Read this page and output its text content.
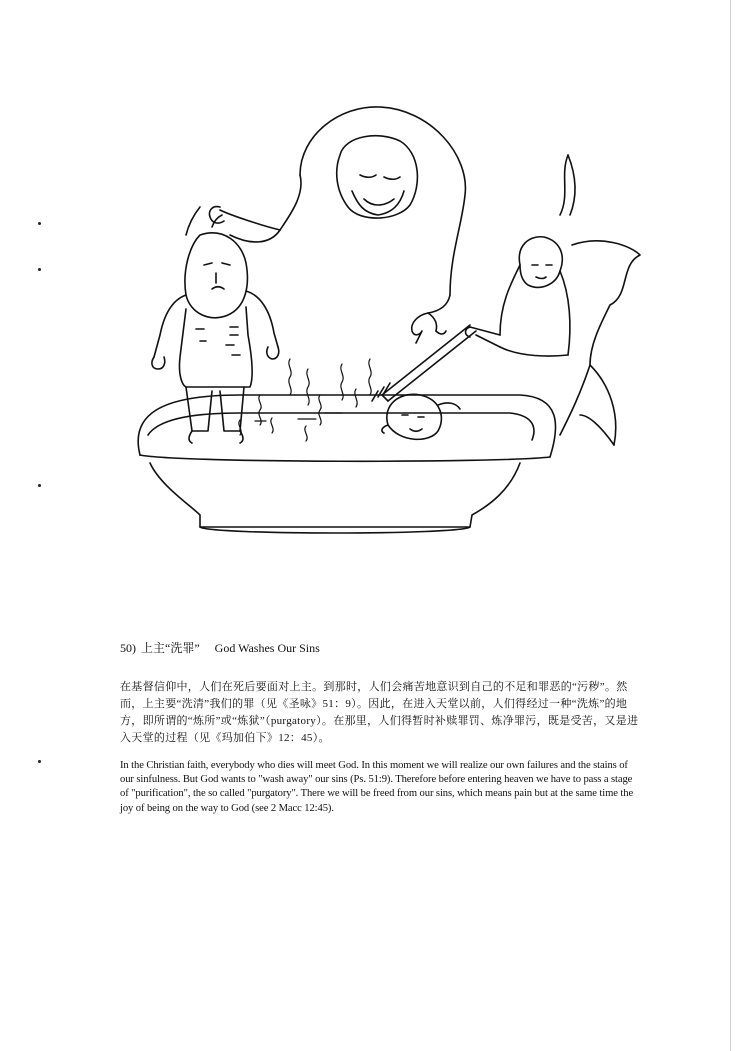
50) 上主“洗罪” God Washes Our Sins

在基督信仰中，人们在死后要面对上主。到那时，人们会痛苦地意识到自己的不足和罪恶的“污秽”。然而，上主要“洗清”我们的罪（见《圣咏》51：9）。因此，在进入天堂以前，人们得经过一种“洗炼”的地方，即所谓的“炼所”或“炼狱”（purgatory）。在那里，人们得暂时补赎罪罚、炼净罪污，既是受苦，又是进入天堂的过程（见《玛加伯下》12：45）。

In the Christian faith, everybody who dies will meet God. In this moment we will realize our own failures and the stains of our sinfulness. But God wants to "wash away" our sins (Ps. 51:9). Therefore before entering heaven we have to pass a stage of "purification", the so called "purgatory". There we will be freed from our sins, which means pain but at the same time the joy of being on the way to God (see 2 Macc 12:45).
